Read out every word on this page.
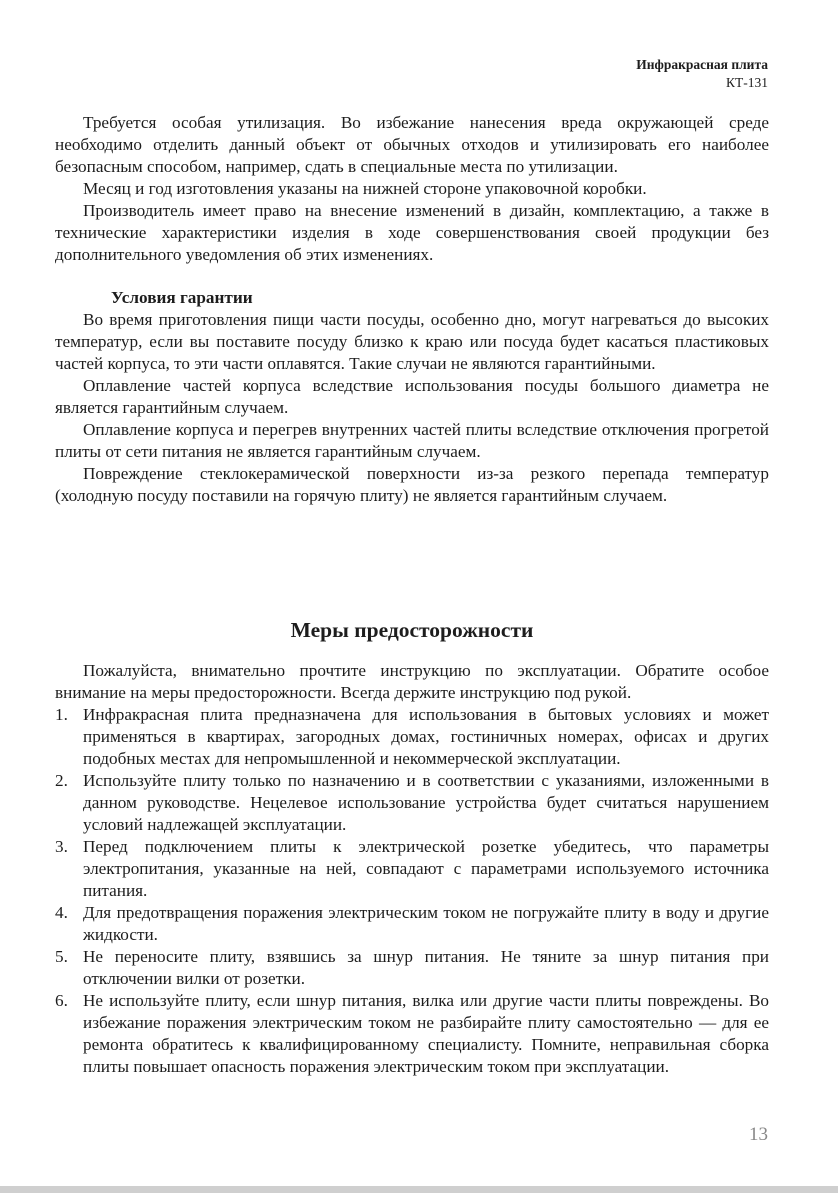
Инфракрасная плита
КТ-131

Требуется особая утилизация. Во избежание нанесения вреда окружающей среде необходимо отделить данный объект от обычных отходов и утилизировать его наиболее безопасным способом, например, сдать в специальные места по утилизации.

Месяц и год изготовления указаны на нижней стороне упаковочной коробки.

Производитель имеет право на внесение изменений в дизайн, комплектацию, а также в технические характеристики изделия в ходе совершенствования своей продукции без дополнительного уведомления об этих изменениях.

Условия гарантии

Во время приготовления пищи части посуды, особенно дно, могут нагреваться до высоких температур, если вы поставите посуду близко к краю или посуда будет касаться пластиковых частей корпуса, то эти части оплавятся. Такие случаи не являются гарантийными.

Оплавление частей корпуса вследствие использования посуды большого диаметра не является гарантийным случаем.

Оплавление корпуса и перегрев внутренних частей плиты вследствие отключения прогретой плиты от сети питания не является гарантийным случаем.

Повреждение стеклокерамической поверхности из-за резкого перепада температур (холодную посуду поставили на горячую плиту) не является гарантийным случаем.

Меры предосторожности

Пожалуйста, внимательно прочтите инструкцию по эксплуатации. Обратите особое внимание на меры предосторожности. Всегда держите инструкцию под рукой.

1. Инфракрасная плита предназначена для использования в бытовых условиях и может применяться в квартирах, загородных домах, гостиничных номерах, офисах и других подобных местах для непромышленной и некоммерческой эксплуатации.
2. Используйте плиту только по назначению и в соответствии с указаниями, изложенными в данном руководстве. Нецелевое использование устройства будет считаться нарушением условий надлежащей эксплуатации.
3. Перед подключением плиты к электрической розетке убедитесь, что параметры электропитания, указанные на ней, совпадают с параметрами используемого источника питания.
4. Для предотвращения поражения электрическим током не погружайте плиту в воду и другие жидкости.
5. Не переносите плиту, взявшись за шнур питания. Не тяните за шнур питания при отключении вилки от розетки.
6. Не используйте плиту, если шнур питания, вилка или другие части плиты повреждены. Во избежание поражения электрическим током не разбирайте плиту самостоятельно — для ее ремонта обратитесь к квалифицированному специалисту. Помните, неправильная сборка плиты повышает опасность поражения электрическим током при эксплуатации.
13
